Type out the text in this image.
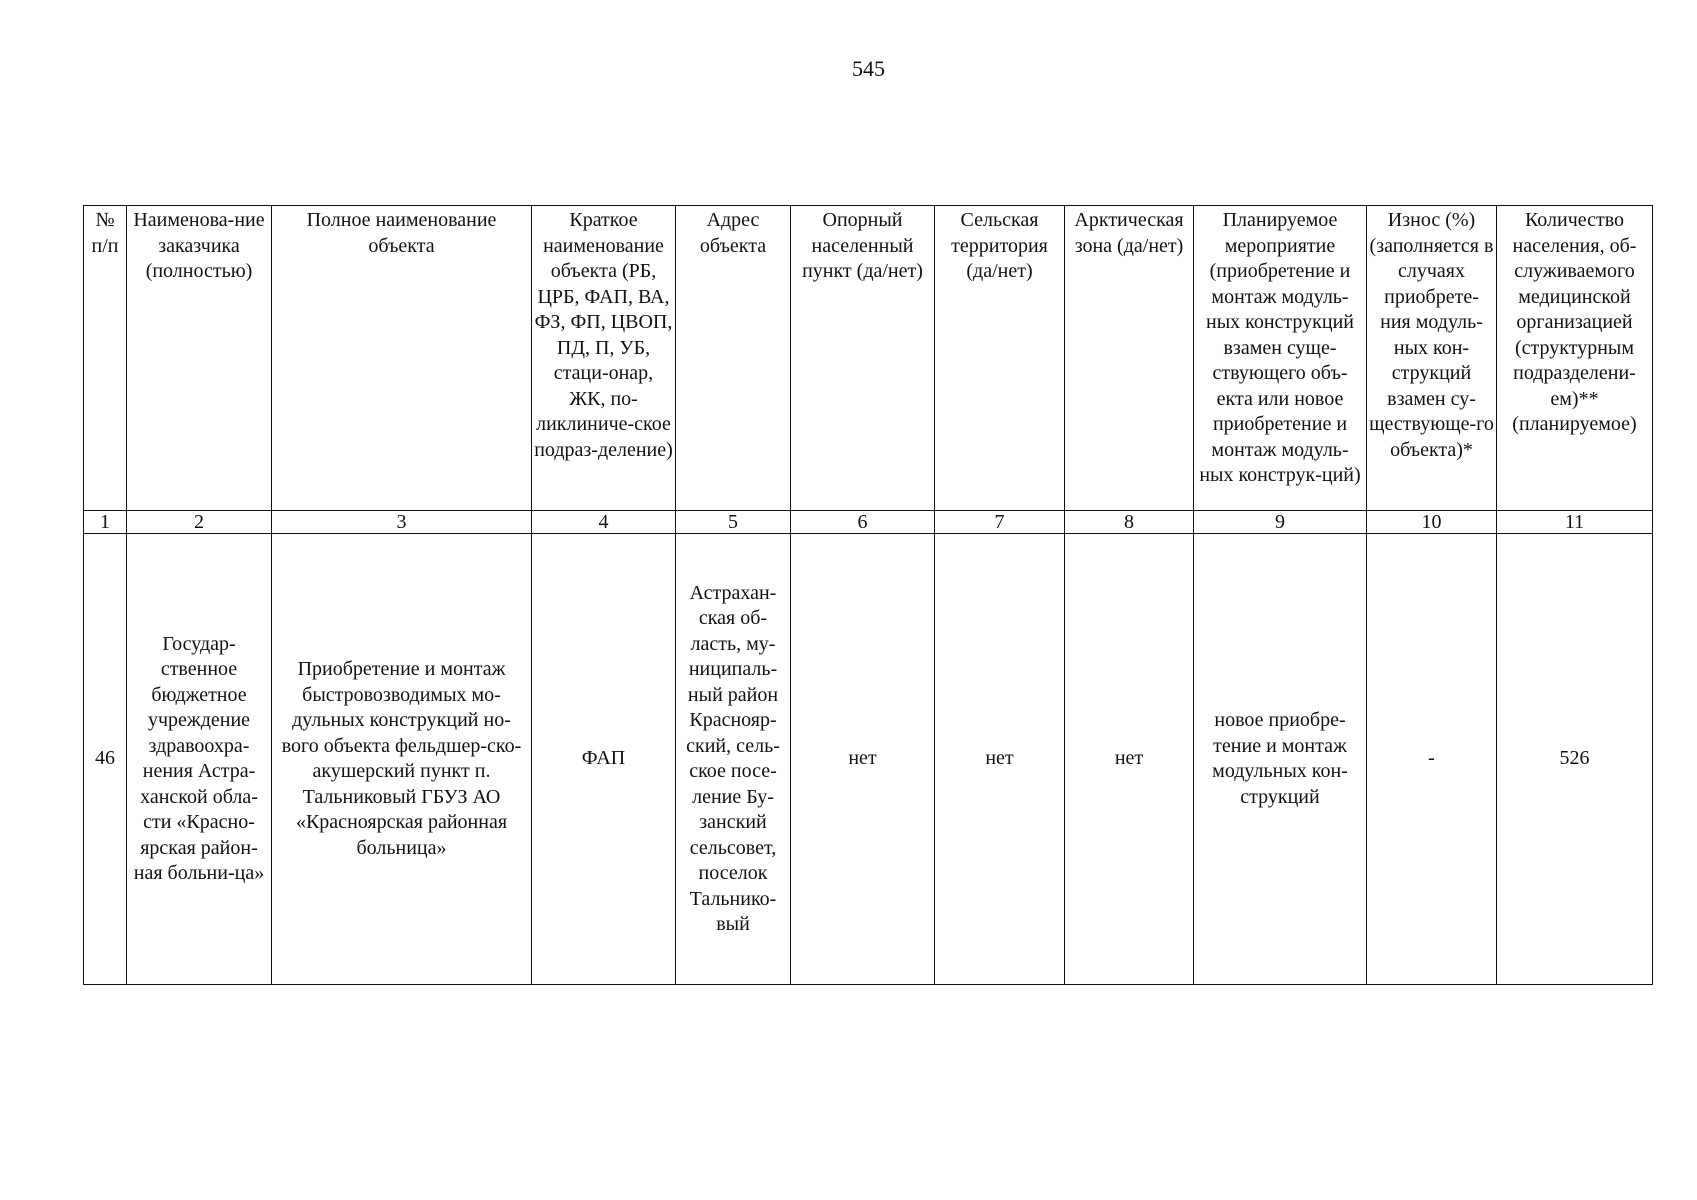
545
№ п/п	Наименова-ние заказчика (полностью)	Полное наименование объекта	Краткое наименование объекта (РБ, ЦРБ, ФАП, ВА, ФЗ, ФП, ЦВОП, ПД, П, УБ, стаци-онар, ЖК, по-ликлиниче-ское подраз-деление)	Адрес объекта	Опорный населенный пункт (да/нет)	Сельская территория (да/нет)	Арктическая зона (да/нет)	Планируемое мероприятие (приобретение и монтаж модуль-ных конструкций взамен суще-ствующего объ-екта или новое приобретение и монтаж модуль-ных конструк-ций)	Износ (%) (заполняется в случаях приобрете-ния модуль-ных кон-струкций взамен су-ществующе-го объекта)*	Количество населения, об-служиваемого медицинской организацией (структурным подразделени-ем)** (планируемое)
1	2	3	4	5	6	7	8	9	10	11
46	Государ-ственное бюджетное учреждение здравоохра-нения Астра-ханской обла-сти «Красно-ярская район-ная больни-ца»	Приобретение и монтаж быстровозводимых мо-дульных конструкций но-вого объекта фельдшер-ско-акушерский пункт п. Тальниковый ГБУЗ АО «Красноярская районная больница»	ФАП	Астрахан-ская об-ласть, му-ниципаль-ный район Краснояр-ский, сель-ское посе-ление Бу-занский сельсовет, поселок Тальнико-вый	нет	нет	нет	новое приобре-тение и монтаж модульных кон-струкций	-	526
